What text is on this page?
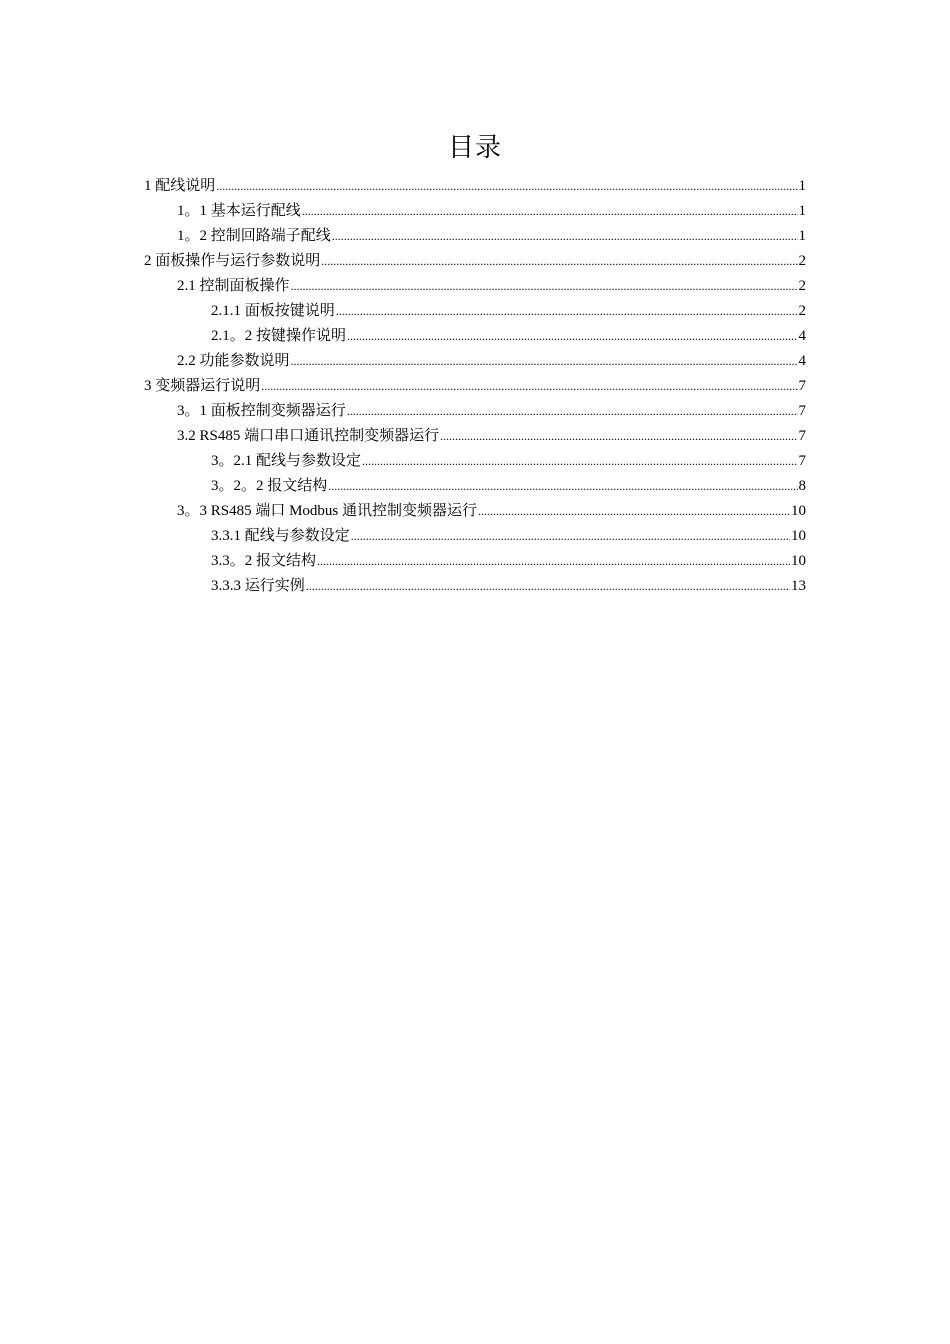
目录
1 配线说明 .....	1
1。1 基本运行配线 .....	1
1。2 控制回路端子配线 .....	1
2 面板操作与运行参数说明 .....	2
2.1 控制面板操作 .....	2
2.1.1 面板按键说明 .....	2
2.1。2 按键操作说明 .....	4
2.2 功能参数说明 .....	4
3 变频器运行说明 .....	7
3。1 面板控制变频器运行 .....	7
3.2 RS485 端口串口通讯控制变频器运行 .....	7
3。2.1 配线与参数设定 .....	7
3。2。2 报文结构 .....	8
3。3 RS485 端口 Modbus 通讯控制变频器运行 .....	10
3.3.1 配线与参数设定 .....	10
3.3。2 报文结构 .....	10
3.3.3 运行实例 .....	13
